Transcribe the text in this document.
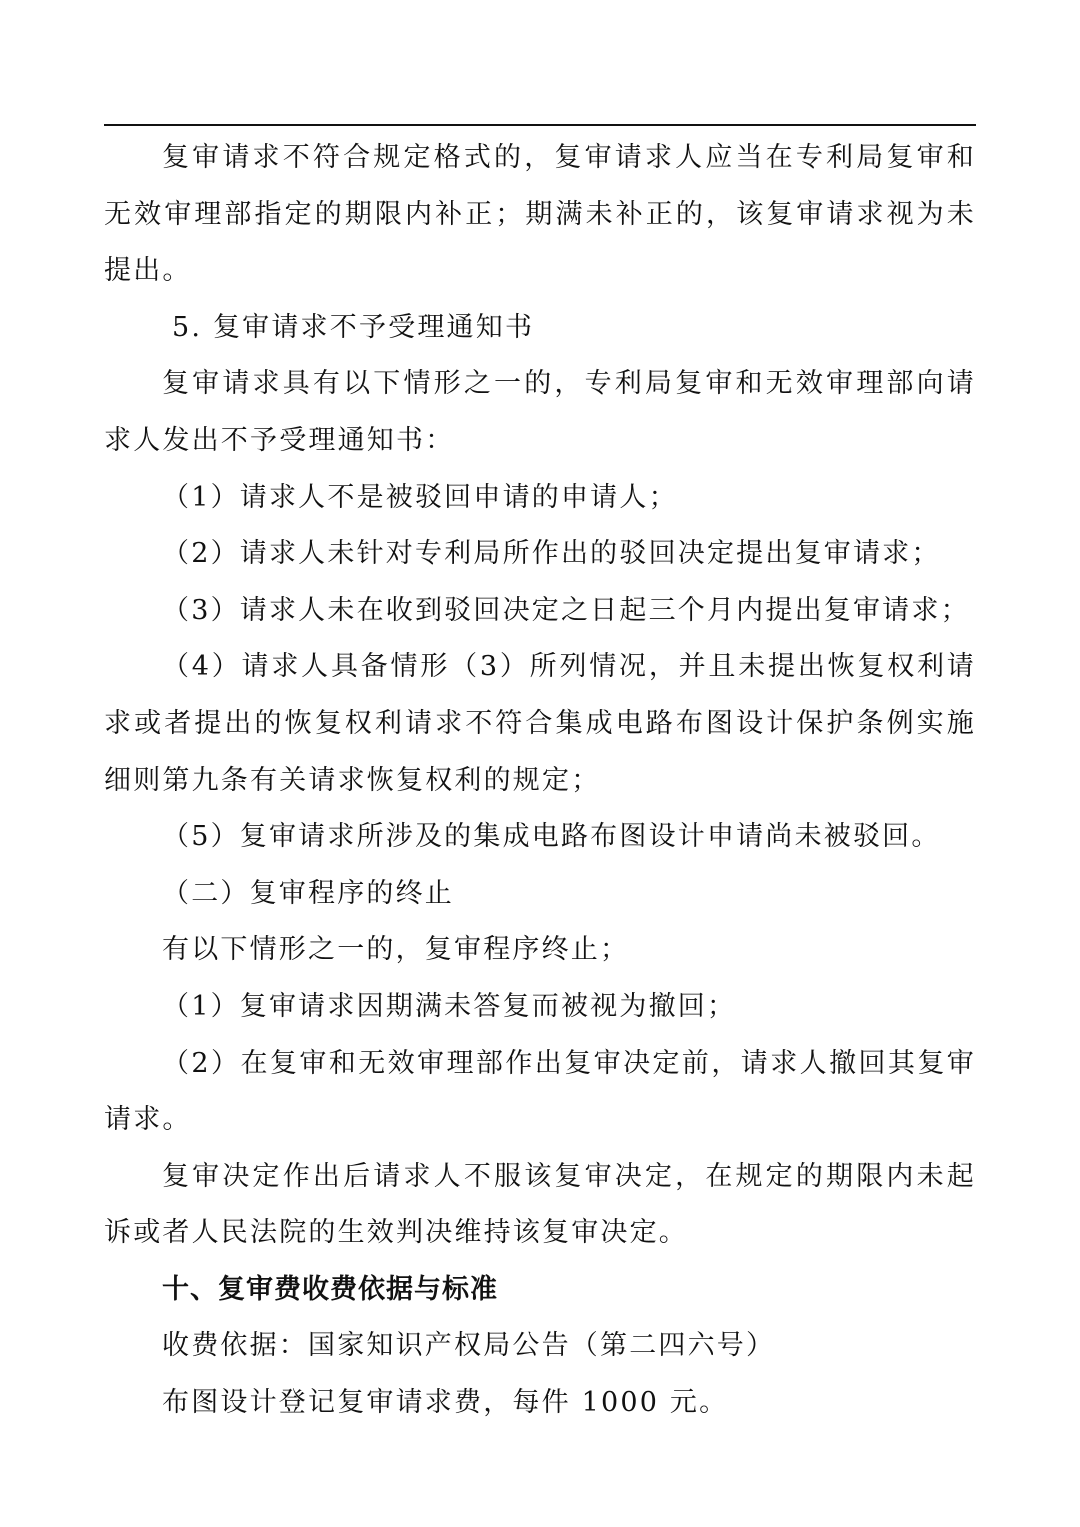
复审请求不符合规定格式的，复审请求人应当在专利局复审和无效审理部指定的期限内补正；期满未补正的，该复审请求视为未提出。

5. 复审请求不予受理通知书

复审请求具有以下情形之一的，专利局复审和无效审理部向请求人发出不予受理通知书：

（1）请求人不是被驳回申请的申请人；

（2）请求人未针对专利局所作出的驳回决定提出复审请求；

（3）请求人未在收到驳回决定之日起三个月内提出复审请求；

（4）请求人具备情形（3）所列情况，并且未提出恢复权利请求或者提出的恢复权利请求不符合集成电路布图设计保护条例实施细则第九条有关请求恢复权利的规定；

（5）复审请求所涉及的集成电路布图设计申请尚未被驳回。

（二）复审程序的终止

有以下情形之一的，复审程序终止；

（1）复审请求因期满未答复而被视为撤回；

（2）在复审和无效审理部作出复审决定前，请求人撤回其复审请求。

复审决定作出后请求人不服该复审决定，在规定的期限内未起诉或者人民法院的生效判决维持该复审决定。

十、复审费收费依据与标准

收费依据：国家知识产权局公告（第二四六号）

布图设计登记复审请求费，每件 1000 元。
